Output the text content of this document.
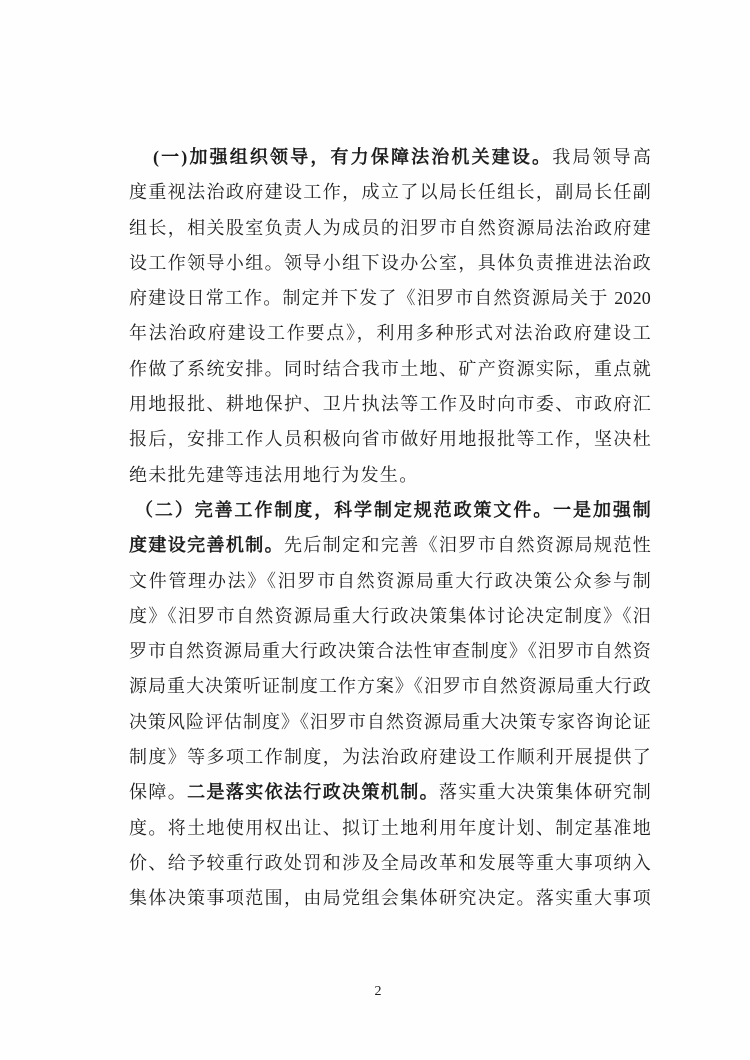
(一)加强组织领导，有力保障法治机关建设。我局领导高
度重视法治政府建设工作，成立了以局长任组长，副局长任副
组长，相关股室负责人为成员的汨罗市自然资源局法治政府建
设工作领导小组。领导小组下设办公室，具体负责推进法治政
府建设日常工作。制定并下发了《汨罗市自然资源局关于 2020
年法治政府建设工作要点》，利用多种形式对法治政府建设工
作做了系统安排。同时结合我市土地、矿产资源实际，重点就
用地报批、耕地保护、卫片执法等工作及时向市委、市政府汇
报后，安排工作人员积极向省市做好用地报批等工作，坚决杜
绝未批先建等违法用地行为发生。
（二）完善工作制度，科学制定规范政策文件。一是加强制
度建设完善机制。先后制定和完善《汨罗市自然资源局规范性
文件管理办法》《汨罗市自然资源局重大行政决策公众参与制
度》《汨罗市自然资源局重大行政决策集体讨论决定制度》《汨
罗市自然资源局重大行政决策合法性审查制度》《汨罗市自然资
源局重大决策听证制度工作方案》《汨罗市自然资源局重大行政
决策风险评估制度》《汨罗市自然资源局重大决策专家咨询论证
制度》等多项工作制度，为法治政府建设工作顺利开展提供了
保障。二是落实依法行政决策机制。落实重大决策集体研究制
度。将土地使用权出让、拟订土地利用年度计划、制定基准地
价、给予较重行政处罚和涉及全局改革和发展等重大事项纳入
集体决策事项范围，由局党组会集体研究决定。落实重大事项
2
